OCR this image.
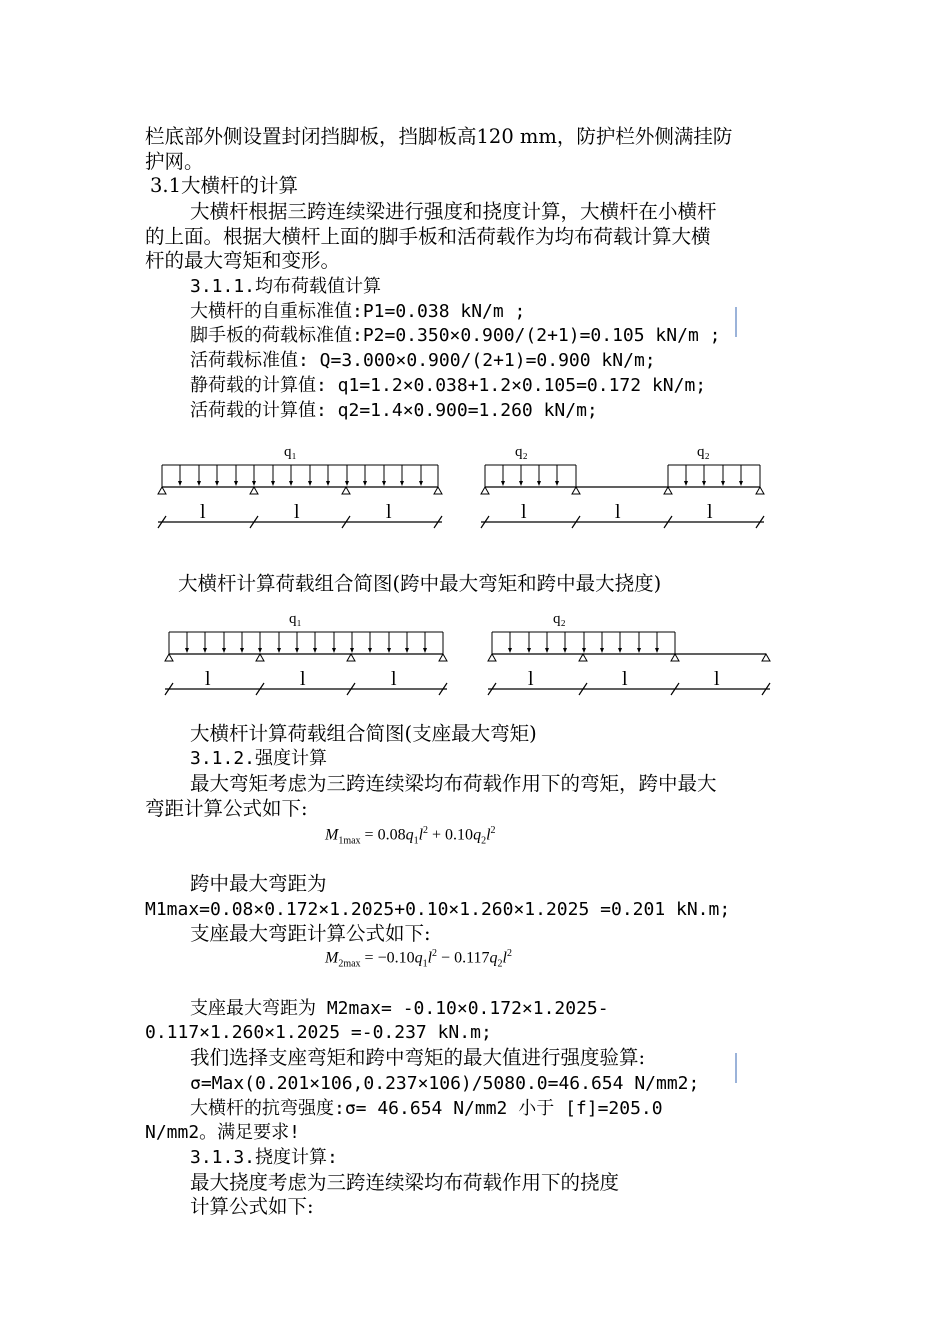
栏底部外侧设置封闭挡脚板，挡脚板高120 mm，防护栏外侧满挂防
护网。
3.1大横杆的计算
大横杆根据三跨连续梁进行强度和挠度计算，大横杆在小横杆
的上面。根据大横杆上面的脚手板和活荷载作为均布荷载计算大横
杆的最大弯矩和变形。
3.1.1.均布荷载值计算
大横杆的自重标准值:P1=0.038 kN/m ;
脚手板的荷载标准值:P2=0.350×0.900/(2+1)=0.105 kN/m ;
活荷载标准值: Q=3.000×0.900/(2+1)=0.900 kN/m;
静荷载的计算值: q1=1.2×0.038+1.2×0.105=0.172 kN/m;
活荷载的计算值: q2=1.4×0.900=1.260 kN/m;
q₁
l	l	l
q₂	q₂
l	l	l
大横杆计算荷载组合简图(跨中最大弯矩和跨中最大挠度)
q₁
l	l	l
q₂
l	l	l
大横杆计算荷载组合简图(支座最大弯矩)
3.1.2.强度计算
最大弯矩考虑为三跨连续梁均布荷载作用下的弯矩，跨中最大
弯距计算公式如下:
$M_{1max} = 0.08q_1l^2 + 0.10q_2l^2$
跨中最大弯距为
M1max=0.08×0.172×1.2025+0.10×1.260×1.2025 =0.201 kN.m;
支座最大弯距计算公式如下:
$M_{2max} = -0.10q_1l^2 - 0.117q_2l^2$
支座最大弯距为 M2max= -0.10×0.172×1.2025-
0.117×1.260×1.2025 =-0.237 kN.m;
我们选择支座弯矩和跨中弯矩的最大值进行强度验算:
σ=Max(0.201×106,0.237×106)/5080.0=46.654 N/mm2;
大横杆的抗弯强度:σ= 46.654 N/mm2 小于 [f]=205.0
N/mm2。满足要求!
3.1.3.挠度计算:
最大挠度考虑为三跨连续梁均布荷载作用下的挠度
计算公式如下:
